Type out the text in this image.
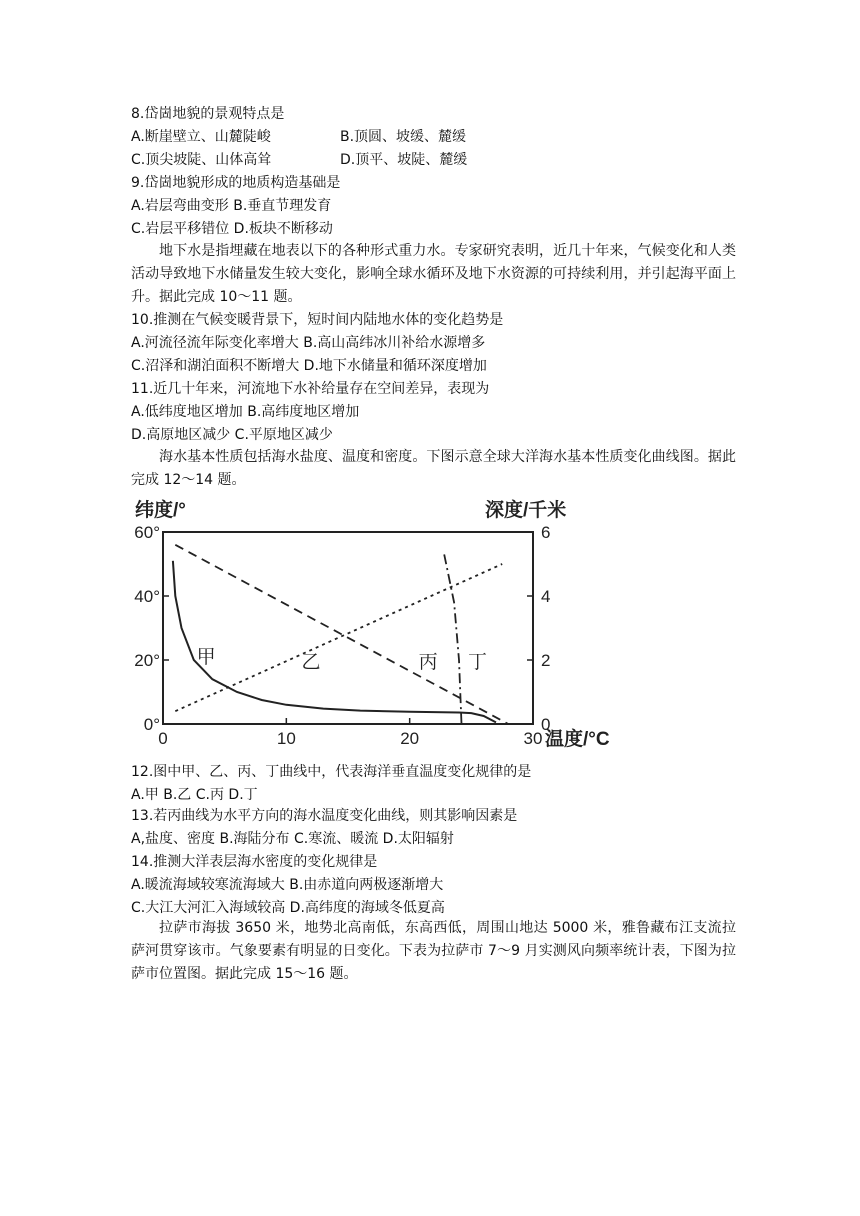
8.岱崮地貌的景观特点是
A.断崖壁立、山麓陡峻	B.顶圆、坡缓、麓缓
C.顶尖坡陡、山体高耸	D.顶平、坡陡、麓缓
9.岱崮地貌形成的地质构造基础是
A.岩层弯曲变形 B.垂直节理发育
C.岩层平移错位 D.板块不断移动
地下水是指埋藏在地表以下的各种形式重力水。专家研究表明，近几十年来，气候变化和人类活动导致地下水储量发生较大变化，影响全球水循环及地下水资源的可持续利用，并引起海平面上升。据此完成 10～11 题。
10.推测在气候变暖背景下，短时间内陆地水体的变化趋势是
A.河流径流年际变化率增大 B.高山高纬冰川补给水源增多
C.沼泽和湖泊面积不断增大 D.地下水储量和循环深度增加
11.近几十年来，河流地下水补给量存在空间差异，表现为
A.低纬度地区增加 B.高纬度地区增加
D.高原地区减少 C.平原地区减少
海水基本性质包括海水盐度、温度和密度。下图示意全球大洋海水基本性质变化曲线图。据此完成 12～14 题。
纬度/°	深度/千米
温度/°C
0	10	20	30
0°
20°
40°
60°
0
2
4
6
甲	乙	丙 丁
12.图中甲、乙、丙、丁曲线中，代表海洋垂直温度变化规律的是
A.甲 B.乙 C.丙 D.丁
13.若丙曲线为水平方向的海水温度变化曲线，则其影响因素是
A,盐度、密度 B.海陆分布 C.寒流、暖流 D.太阳辐射
14.推测大洋表层海水密度的变化规律是
A.暖流海域较寒流海域大 B.由赤道向两极逐渐增大
C.大江大河汇入海域较高 D.高纬度的海域冬低夏高
拉萨市海拔 3650 米，地势北高南低，东高西低，周围山地达 5000 米，雅鲁藏布江支流拉萨河贯穿该市。气象要素有明显的日变化。下表为拉萨市 7～9 月实测风向频率统计表，下图为拉萨市位置图。据此完成 15～16 题。
